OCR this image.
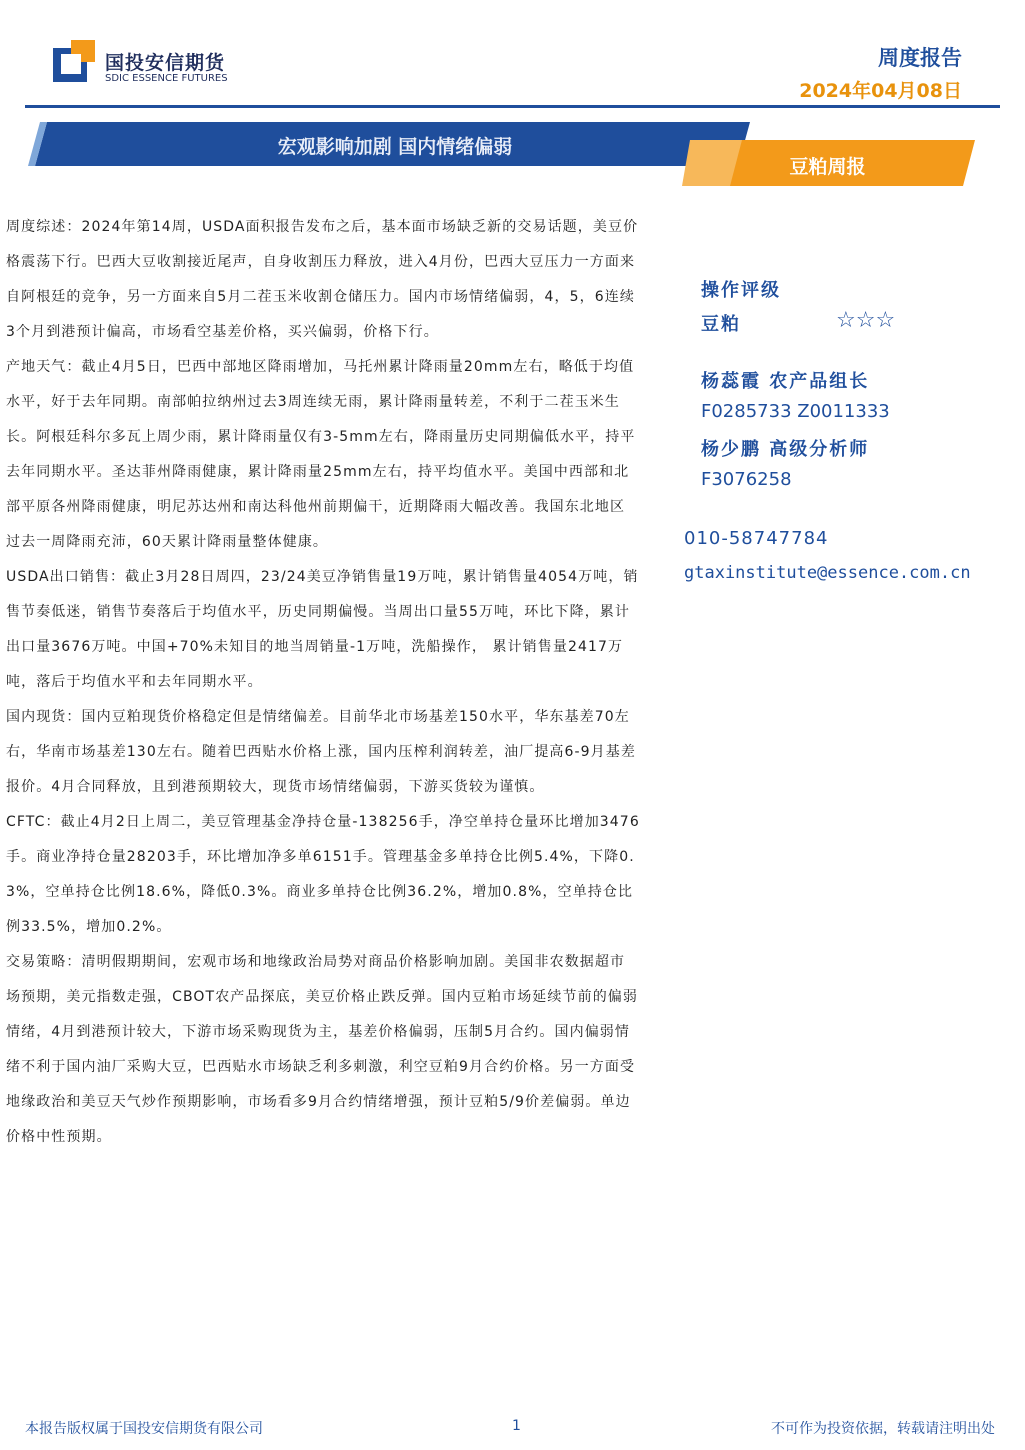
国投安信期货
SDIC ESSENCE FUTURES
周度报告
2024年04月08日
宏观影响加剧 国内情绪偏弱
豆粕周报

周度综述：2024年第14周，USDA面积报告发布之后，基本面市场缺乏新的交易话题，美豆价格震荡下行。巴西大豆收割接近尾声，自身收割压力释放，进入4月份，巴西大豆压力一方面来自阿根廷的竞争，另一方面来自5月二茬玉米收割仓储压力。国内市场情绪偏弱，4，5，6连续3个月到港预计偏高，市场看空基差价格，买兴偏弱，价格下行。

产地天气：截止4月5日，巴西中部地区降雨增加，马托州累计降雨量20mm左右，略低于均值水平，好于去年同期。南部帕拉纳州过去3周连续无雨，累计降雨量转差，不利于二茬玉米生长。阿根廷科尔多瓦上周少雨，累计降雨量仅有3-5mm左右，降雨量历史同期偏低水平，持平去年同期水平。圣达菲州降雨健康，累计降雨量25mm左右，持平均值水平。美国中西部和北部平原各州降雨健康，明尼苏达州和南达科他州前期偏干，近期降雨大幅改善。我国东北地区过去一周降雨充沛，60天累计降雨量整体健康。

USDA出口销售：截止3月28日周四，23/24美豆净销售量19万吨，累计销售量4054万吨，销售节奏低迷，销售节奏落后于均值水平，历史同期偏慢。当周出口量55万吨，环比下降，累计出口量3676万吨。中国+70%未知目的地当周销量-1万吨，洗船操作， 累计销售量2417万吨，落后于均值水平和去年同期水平。

国内现货：国内豆粕现货价格稳定但是情绪偏差。目前华北市场基差150水平，华东基差70左右，华南市场基差130左右。随着巴西贴水价格上涨，国内压榨利润转差，油厂提高6-9月基差报价。4月合同释放，且到港预期较大，现货市场情绪偏弱，下游买货较为谨慎。

CFTC：截止4月2日上周二，美豆管理基金净持仓量-138256手，净空单持仓量环比增加3476手。商业净持仓量28203手，环比增加净多单6151手。管理基金多单持仓比例5.4%，下降0.3%，空单持仓比例18.6%，降低0.3%。商业多单持仓比例36.2%，增加0.8%，空单持仓比例33.5%，增加0.2%。

交易策略：清明假期期间，宏观市场和地缘政治局势对商品价格影响加剧。美国非农数据超市场预期，美元指数走强，CBOT农产品探底，美豆价格止跌反弹。国内豆粕市场延续节前的偏弱情绪，4月到港预计较大，下游市场采购现货为主，基差价格偏弱，压制5月合约。国内偏弱情绪不利于国内油厂采购大豆，巴西贴水市场缺乏利多刺激，利空豆粕9月合约价格。另一方面受地缘政治和美豆天气炒作预期影响，市场看多9月合约情绪增强，预计豆粕5/9价差偏弱。单边价格中性预期。

操作评级
豆粕	☆☆☆
杨蕊霞 农产品组长
F0285733 Z0011333
杨少鹏 高级分析师
F3076258
010-58747784
gtaxinstitute@essence.com.cn
本报告版权属于国投安信期货有限公司	1	不可作为投资依据，转载请注明出处
